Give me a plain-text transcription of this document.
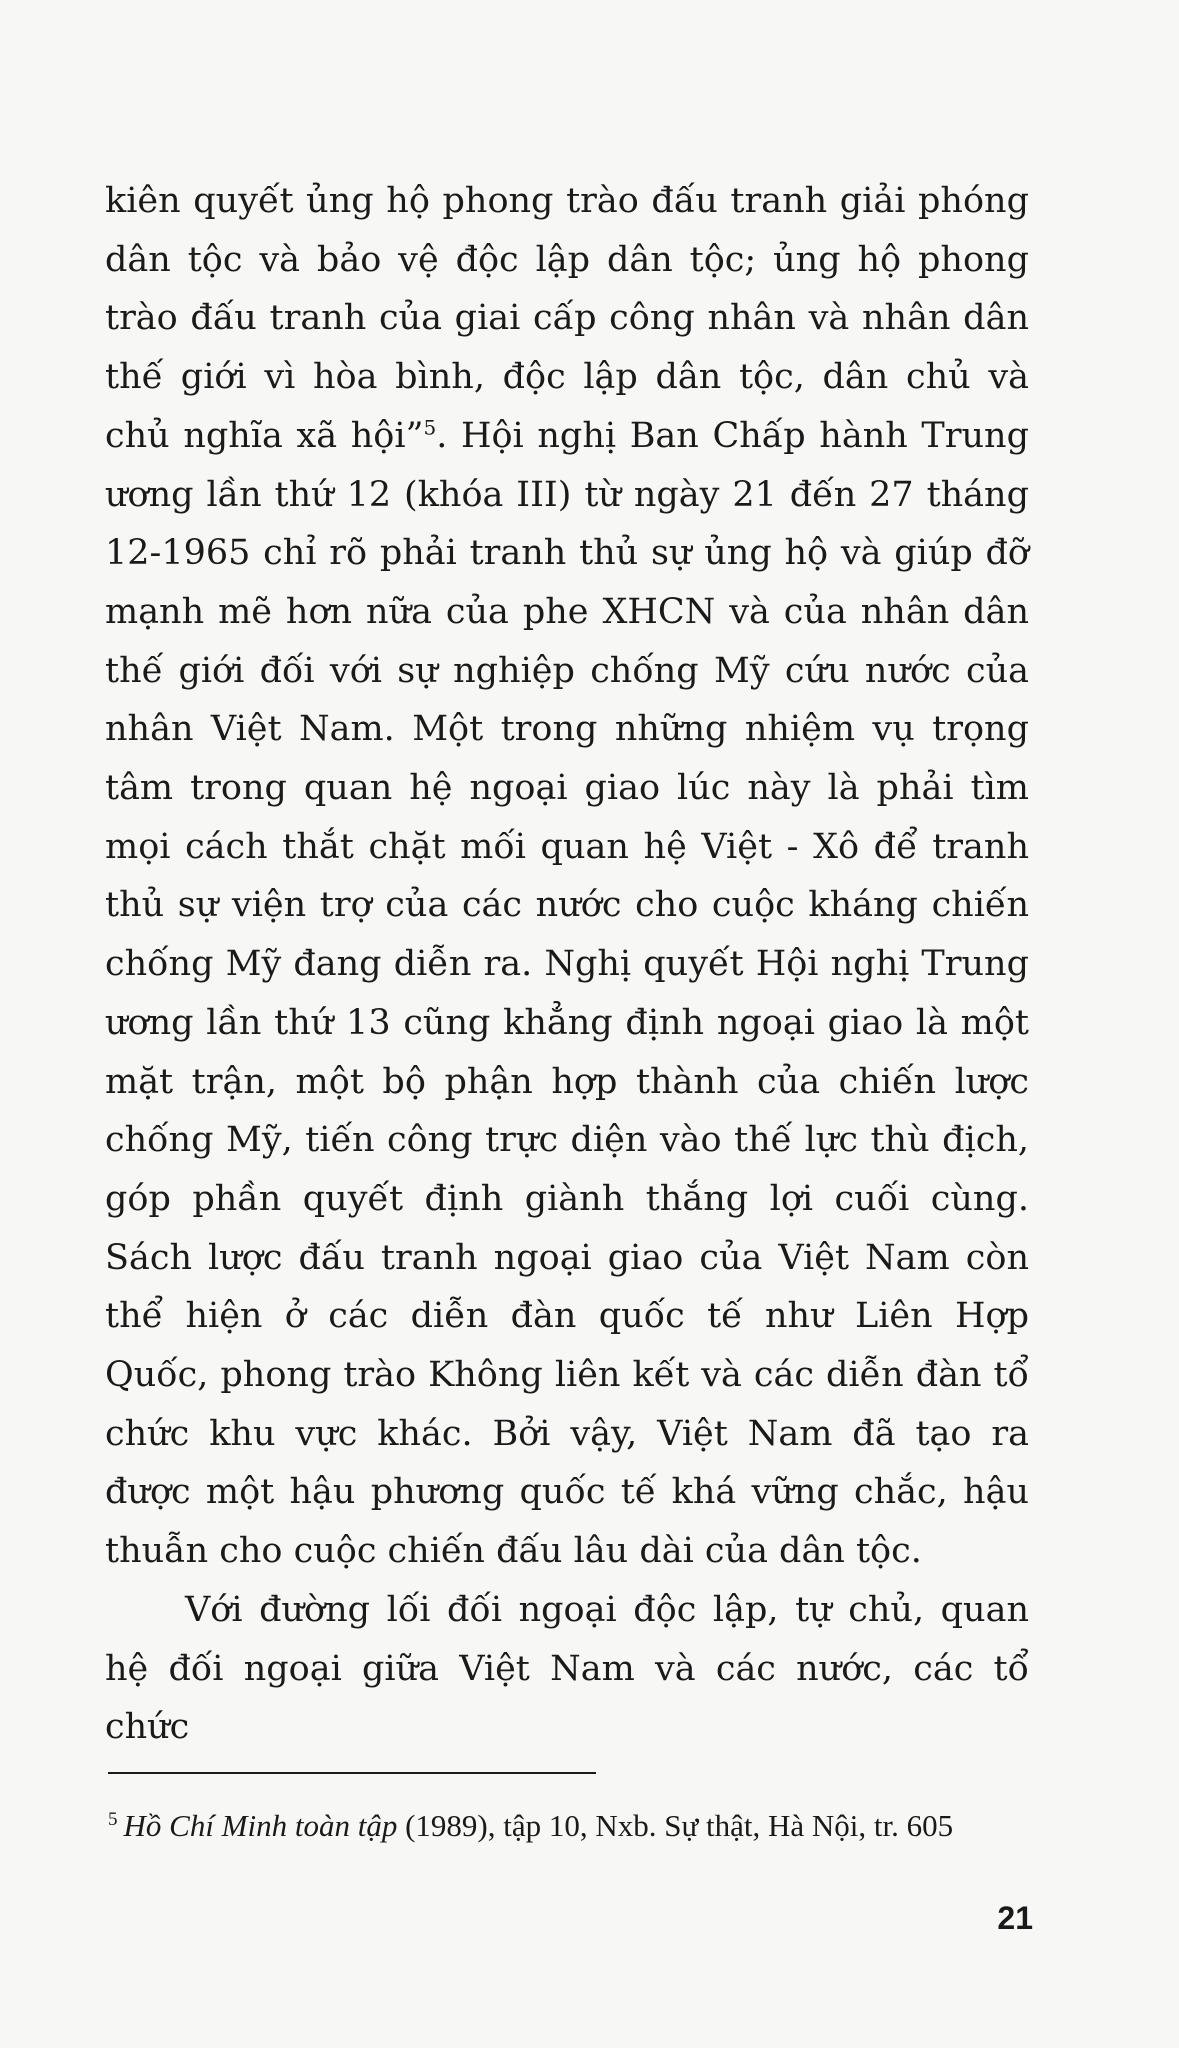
kiên quyết ủng hộ phong trào đấu tranh giải phóng dân tộc và bảo vệ độc lập dân tộc; ủng hộ phong trào đấu tranh của giai cấp công nhân và nhân dân thế giới vì hòa bình, độc lập dân tộc, dân chủ và chủ nghĩa xã hội”$^5$. Hội nghị Ban Chấp hành Trung ương lần thứ 12 (khóa III) từ ngày 21 đến 27 tháng 12-1965 chỉ rõ phải tranh thủ sự ủng hộ và giúp đỡ mạnh mẽ hơn nữa của phe XHCN và của nhân dân thế giới đối với sự nghiệp chống Mỹ cứu nước của nhân Việt Nam. Một trong những nhiệm vụ trọng tâm trong quan hệ ngoại giao lúc này là phải tìm mọi cách thắt chặt mối quan hệ Việt - Xô để tranh thủ sự viện trợ của các nước cho cuộc kháng chiến chống Mỹ đang diễn ra. Nghị quyết Hội nghị Trung ương lần thứ 13 cũng khẳng định ngoại giao là một mặt trận, một bộ phận hợp thành của chiến lược chống Mỹ, tiến công trực diện vào thế lực thù địch, góp phần quyết định giành thắng lợi cuối cùng. Sách lược đấu tranh ngoại giao của Việt Nam còn thể hiện ở các diễn đàn quốc tế như Liên Hợp Quốc, phong trào Không liên kết và các diễn đàn tổ chức khu vực khác. Bởi vậy, Việt Nam đã tạo ra được một hậu phương quốc tế khá vững chắc, hậu thuẫn cho cuộc chiến đấu lâu dài của dân tộc.

Với đường lối đối ngoại độc lập, tự chủ, quan hệ đối ngoại giữa Việt Nam và các nước, các tổ chức

$^5$ Hồ Chí Minh toàn tập (1989), tập 10, Nxb. Sự thật, Hà Nội, tr. 605
21
